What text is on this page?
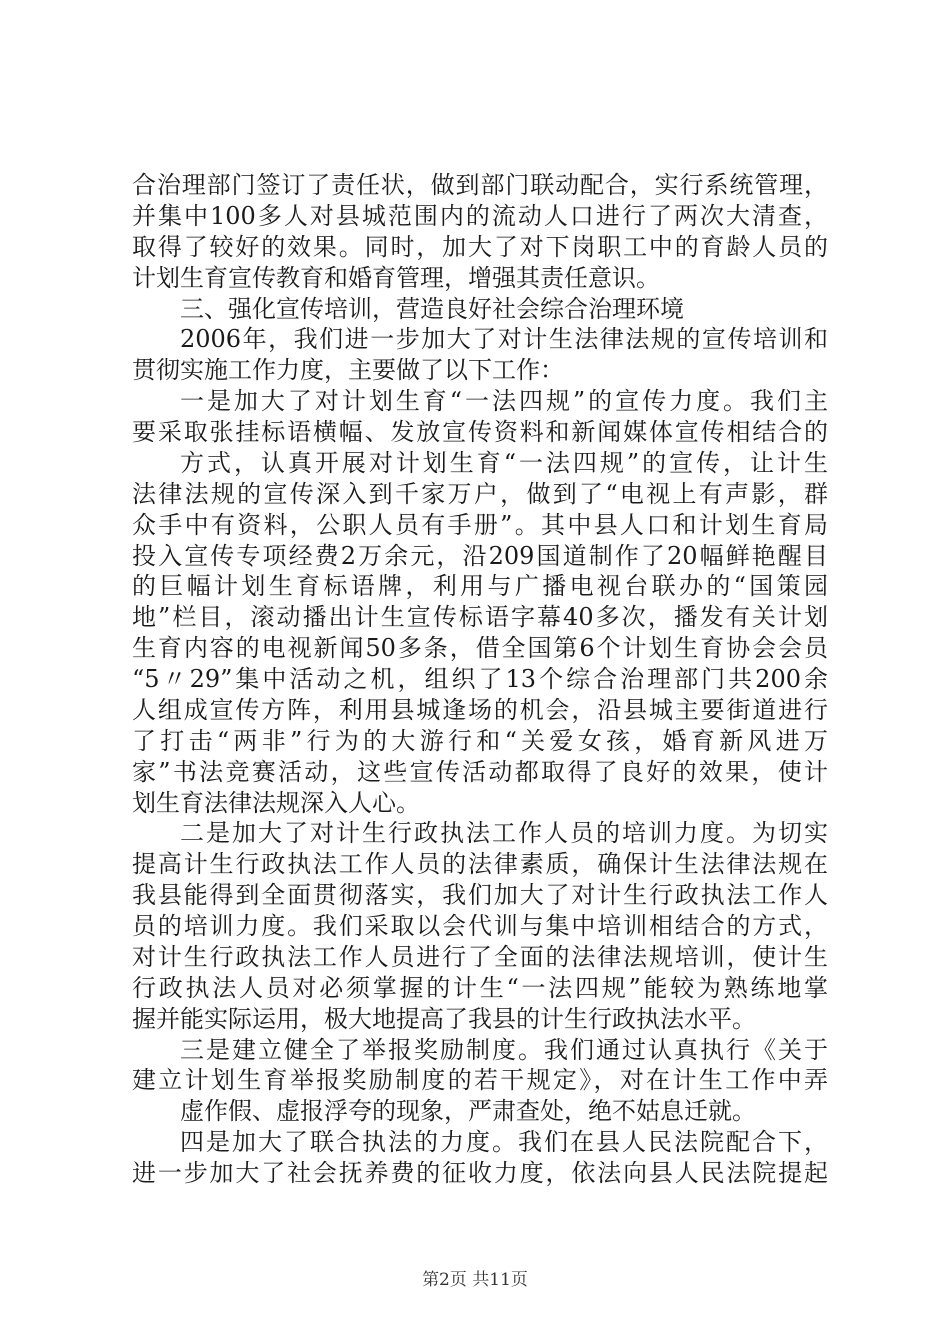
合治理部门签订了责任状，做到部门联动配合，实行系统管理，
并集中100多人对县城范围内的流动人口进行了两次大清查，
取得了较好的效果。同时，加大了对下岗职工中的育龄人员的
计划生育宣传教育和婚育管理，增强其责任意识。
三、强化宣传培训，营造良好社会综合治理环境
2006年，我们进一步加大了对计生法律法规的宣传培训和
贯彻实施工作力度，主要做了以下工作：
一是加大了对计划生育“一法四规”的宣传力度。我们主
要采取张挂标语横幅、发放宣传资料和新闻媒体宣传相结合的
方式，认真开展对计划生育“一法四规”的宣传，让计生
法律法规的宣传深入到千家万户，做到了“电视上有声影，群
众手中有资料，公职人员有手册”。其中县人口和计划生育局
投入宣传专项经费2万余元，沿209国道制作了20幅鲜艳醒目
的巨幅计划生育标语牌，利用与广播电视台联办的“国策园
地”栏目，滚动播出计生宣传标语字幕40多次，播发有关计划
生育内容的电视新闻50多条，借全国第6个计划生育协会会员
“5〃29”集中活动之机，组织了13个综合治理部门共200余
人组成宣传方阵，利用县城逢场的机会，沿县城主要街道进行
了打击“两非”行为的大游行和“关爱女孩，婚育新风进万
家”书法竞赛活动，这些宣传活动都取得了良好的效果，使计
划生育法律法规深入人心。
二是加大了对计生行政执法工作人员的培训力度。为切实
提高计生行政执法工作人员的法律素质，确保计生法律法规在
我县能得到全面贯彻落实，我们加大了对计生行政执法工作人
员的培训力度。我们采取以会代训与集中培训相结合的方式，
对计生行政执法工作人员进行了全面的法律法规培训，使计生
行政执法人员对必须掌握的计生“一法四规”能较为熟练地掌
握并能实际运用，极大地提高了我县的计生行政执法水平。
三是建立健全了举报奖励制度。我们通过认真执行《关于
建立计划生育举报奖励制度的若干规定》，对在计生工作中弄
虚作假、虚报浮夸的现象，严肃查处，绝不姑息迁就。
四是加大了联合执法的力度。我们在县人民法院配合下，
进一步加大了社会抚养费的征收力度，依法向县人民法院提起
第2页 共11页
